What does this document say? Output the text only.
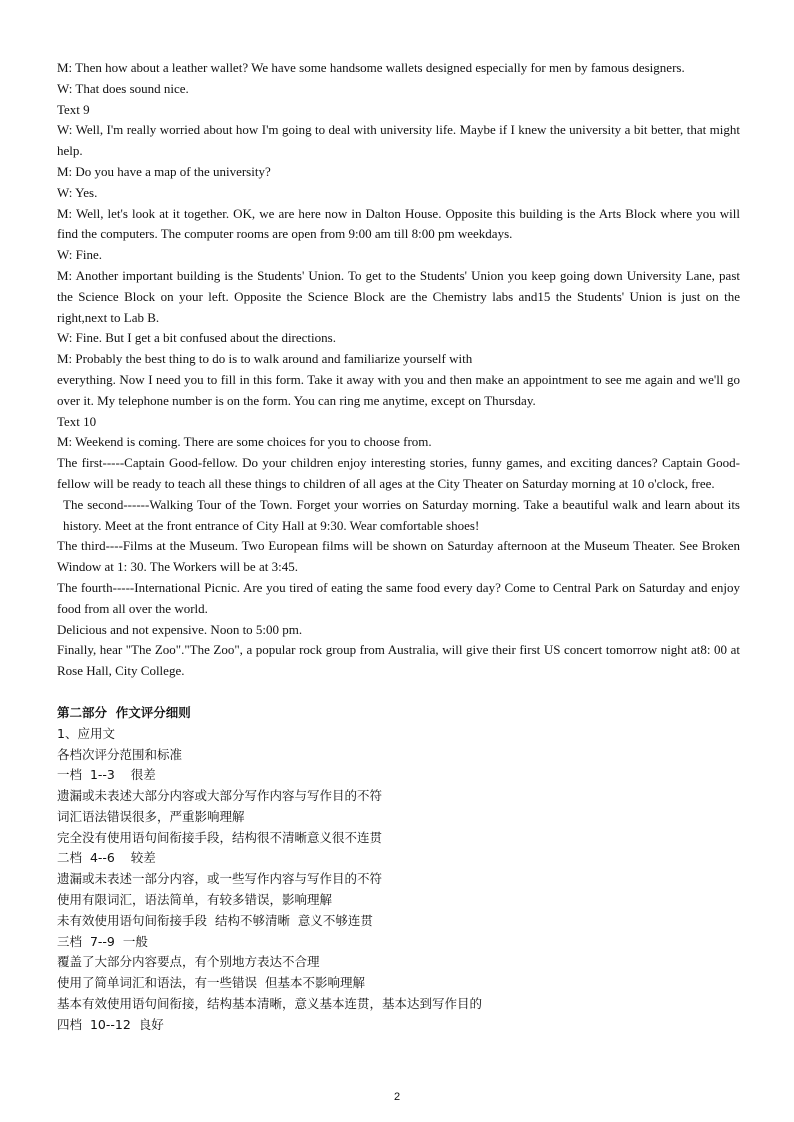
M: Then how about a leather wallet? We have some handsome wallets designed especially for men by famous designers.

W: That does sound nice.

Text 9

W: Well, I'm really worried about how I'm going to deal with university life. Maybe if I knew the university a bit better, that might help.

M: Do you have a map of the university?

W: Yes.

M: Well, let's look at it together. OK, we are here now in Dalton House. Opposite this building is the Arts Block where you will find the computers. The computer rooms are open from 9:00 am till 8:00 pm weekdays.

W: Fine.

M: Another important building is the Students' Union. To get to the Students' Union you keep going down University Lane, past the Science Block on your left. Opposite the Science Block are the Chemistry labs and15 the Students' Union is just on the right,next to Lab B.

W: Fine. But I get a bit confused about the directions.

M: Probably the best thing to do is to walk around and familiarize yourself with

everything. Now I need you to fill in this form. Take it away with you and then make an appointment to see me again and we'll go over it. My telephone number is on the form. You can ring me anytime, except on Thursday.

Text 10

M: Weekend is coming. There are some choices for you to choose from.

The first-----Captain Good-fellow. Do your children enjoy interesting stories, funny games, and exciting dances? Captain Good-fellow will be ready to teach all these things to children of all ages at the City Theater on Saturday morning at 10 o'clock, free.

The second------Walking Tour of the Town. Forget your worries on Saturday morning. Take a beautiful walk and learn about its history. Meet at the front entrance of City Hall at 9:30. Wear comfortable shoes!

The third----Films at the Museum. Two European films will be shown on Saturday afternoon at the Museum Theater. See Broken Window at 1: 30. The Workers will be at 3:45.

The fourth-----International Picnic. Are you tired of eating the same food every day? Come to Central Park on Saturday and enjoy food from all over the world.

Delicious and not expensive. Noon to 5:00 pm.

Finally, hear "The Zoo"."The Zoo", a popular rock group from Australia, will give their first US concert tomorrow night at8: 00 at Rose Hall, City College.

第二部分  作文评分细则

1、应用文

各档次评分范围和标准

一档  1--3    很差

遗漏或未表述大部分内容或大部分写作内容与写作目的不符

词汇语法错误很多，严重影响理解

完全没有使用语句间衔接手段，结构很不清晰意义很不连贯

二档  4--6    较差

遗漏或未表述一部分内容，或一些写作内容与写作目的不符

使用有限词汇，语法简单，有较多错误，影响理解

未有效使用语句间衔接手段  结构不够清晰  意义不够连贯

三档  7--9  一般

覆盖了大部分内容要点，有个别地方表达不合理

使用了简单词汇和语法，有一些错误  但基本不影响理解

基本有效使用语句间衔接，结构基本清晰，意义基本连贯，基本达到写作目的

四档  10--12  良好

2
